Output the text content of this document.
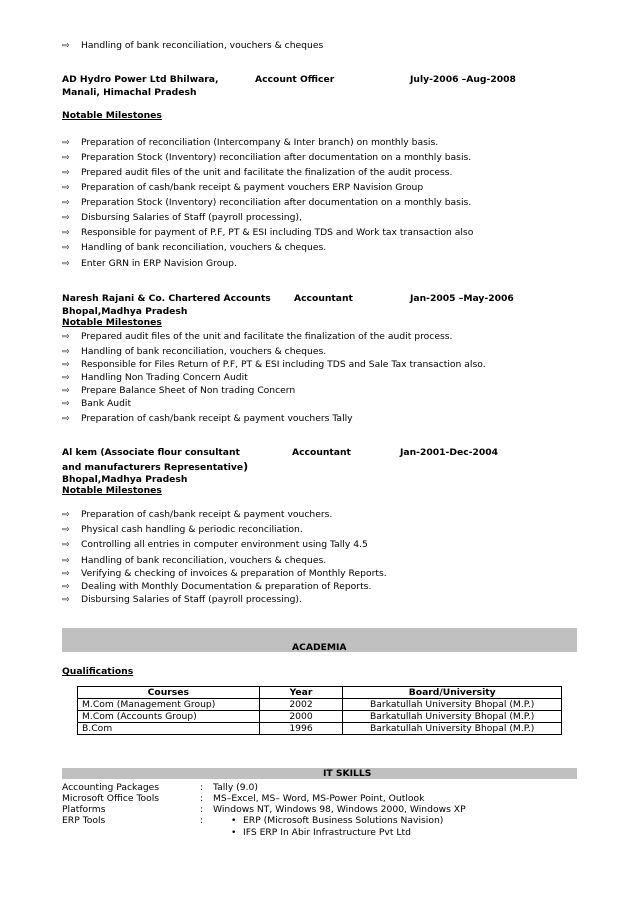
⇨ Handling of bank reconciliation, vouchers & cheques
AD Hydro Power Ltd Bhilwara,
Manali, Himachal Pradesh
Account Officer	July-2006 –Aug-2008
Notable Milestones
⇨ Preparation of reconciliation (Intercompany & Inter branch) on monthly basis.
⇨ Preparation Stock (Inventory) reconciliation after documentation on a monthly basis.
⇨ Prepared audit files of the unit and facilitate the finalization of the audit process.
⇨ Preparation of cash/bank receipt & payment vouchers ERP Navision Group
⇨ Preparation Stock (Inventory) reconciliation after documentation on a monthly basis.
⇨ Disbursing Salaries of Staff (payroll processing),
⇨ Responsible for payment of P.F, PT & ESI including TDS and Work tax transaction also
⇨ Handling of bank reconciliation, vouchers & cheques.
⇨ Enter GRN in ERP Navision Group.
Naresh Rajani & Co. Chartered Accounts
Bhopal,Madhya Pradesh
Accountant	Jan-2005 –May-2006
Notable Milestones
⇨ Prepared audit files of the unit and facilitate the finalization of the audit process.
⇨ Handling of bank reconciliation, vouchers & cheques.
⇨ Responsible for Files Return of P.F, PT & ESI including TDS and Sale Tax transaction also.
⇨ Handling Non Trading Concern Audit
⇨ Prepare Balance Sheet of Non trading Concern
⇨ Bank Audit
⇨ Preparation of cash/bank receipt & payment vouchers Tally
Al kem (Associate flour consultant
and manufacturers Representative)
Bhopal,Madhya Pradesh
Accountant	Jan-2001-Dec-2004
Notable Milestones
⇨ Preparation of cash/bank receipt & payment vouchers.
⇨ Physical cash handling & periodic reconciliation.
⇨ Controlling all entries in computer environment using Tally 4.5
⇨ Handling of bank reconciliation, vouchers & cheques.
⇨ Verifying & checking of invoices & preparation of Monthly Reports.
⇨ Dealing with Monthly Documentation & preparation of Reports.
⇨ Disbursing Salaries of Staff (payroll processing).
ACADEMIA
Qualifications
Courses	Year	Board/University
M.Com (Management Group)	2002	Barkatullah University Bhopal (M.P.)
M.Com (Accounts Group)	2000	Barkatullah University Bhopal (M.P.)
B.Com	1996	Barkatullah University Bhopal (M.P.)
IT SKILLS
Accounting Packages	: Tally (9.0)
Microsoft Office Tools	: MS–Excel, MS– Word, MS-Power Point, Outlook
Platforms	: Windows NT, Windows 98, Windows 2000, Windows XP
ERP Tools	:	• ERP (Microsoft Business Solutions Navision)
• IFS ERP In Abir Infrastructure Pvt Ltd
